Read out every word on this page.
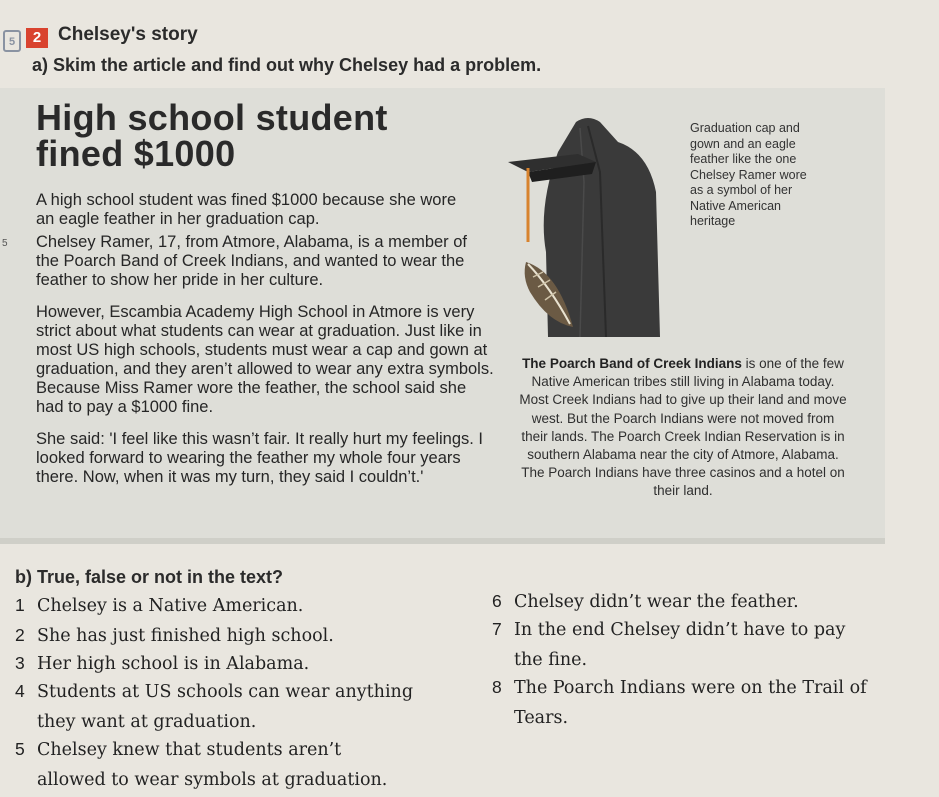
5	2 Chelsey's story
a) Skim the article and find out why Chelsey had a problem.
High school student
fined $1000
5
A high school student was fined $1000 because she wore an eagle feather in her graduation cap.
Chelsey Ramer, 17, from Atmore, Alabama, is a member of the Poarch Band of Creek Indians, and wanted to wear the feather to show her pride in her culture.
However, Escambia Academy High School in Atmore is very strict about what students can wear at graduation. Just like in most US high schools, students must wear a cap and gown at graduation, and they aren’t allowed to wear any extra symbols. Because Miss Ramer wore the feather, the school said she had to pay a $1000 fine.
She said: 'I feel like this wasn’t fair. It really hurt my feelings. I looked forward to wearing the feather my whole four years there. Now, when it was my turn, they said I couldn’t.'
Graduation cap and gown and an eagle feather like the one Chelsey Ramer wore as a symbol of her Native American heritage
The Poarch Band of Creek Indians is one of the few Native American tribes still living in Alabama today. Most Creek Indians had to give up their land and move west. But the Poarch Indians were not moved from their lands. The Poarch Creek Indian Reservation is in southern Alabama near the city of Atmore, Alabama. The Poarch Indians have three casinos and a hotel on their land.
b) True, false or not in the text?
1 Chelsey is a Native American.
2 She has just finished high school.
3 Her high school is in Alabama.
4 Students at US schools can wear anything
they want at graduation.
5 Chelsey knew that students aren’t
allowed to wear symbols at graduation.
6 Chelsey didn’t wear the feather.
7 In the end Chelsey didn’t have to pay
the fine.
8 The Poarch Indians were on the Trail of
Tears.
